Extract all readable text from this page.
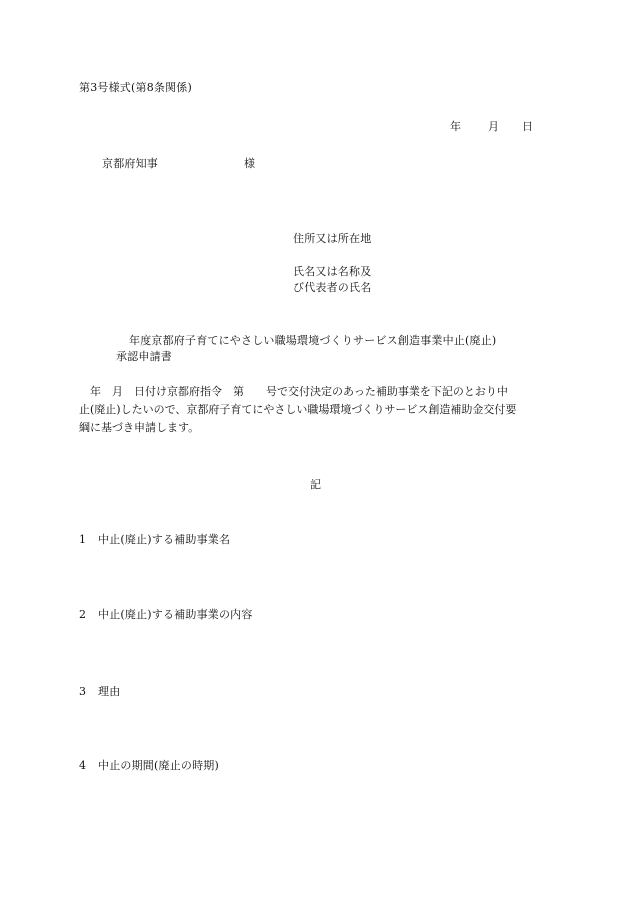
第3号様式(第8条関係)
年 月 日
京都府知事	様
住所又は所在地
氏名又は名称及
び代表者の氏名
年度京都府子育てにやさしい職場環境づくりサービス創造事業中止(廃止)
承認申請書
　年　月　日付け京都府指令　第　　号で交付決定のあった補助事業を下記のとおり中
止(廃止)したいので、京都府子育てにやさしい職場環境づくりサービス創造補助金交付要
綱に基づき申請します。
記
1 中止(廃止)する補助事業名
2 中止(廃止)する補助事業の内容
3 理由
4 中止の期間(廃止の時期)
